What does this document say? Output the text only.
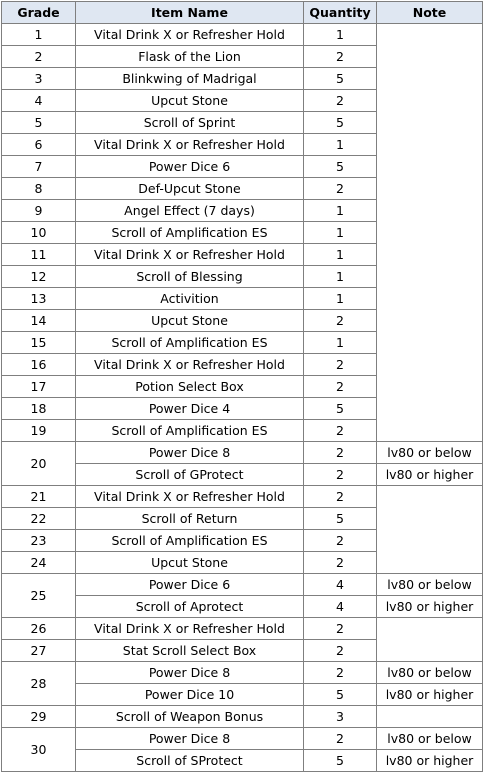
Grade	Item Name	Quantity	Note
1	Vital Drink X or Refresher Hold	1	
2	Flask of the Lion	2	
3	Blinkwing of Madrigal	5	
4	Upcut Stone	2	
5	Scroll of Sprint	5	
6	Vital Drink X or Refresher Hold	1	
7	Power Dice 6	5	
8	Def-Upcut Stone	2	
9	Angel Effect (7 days)	1	
10	Scroll of Amplification ES	1	
11	Vital Drink X or Refresher Hold	1	
12	Scroll of Blessing	1	
13	Activition	1	
14	Upcut Stone	2	
15	Scroll of Amplification ES	1	
16	Vital Drink X or Refresher Hold	2	
17	Potion Select Box	2	
18	Power Dice 4	5	
19	Scroll of Amplification ES	2	
20	Power Dice 8	2	lv80 or below
	Scroll of GProtect	2	lv80 or higher
21	Vital Drink X or Refresher Hold	2	
22	Scroll of Return	5	
23	Scroll of Amplification ES	2	
24	Upcut Stone	2	
25	Power Dice 6	4	lv80 or below
	Scroll of Aprotect	4	lv80 or higher
26	Vital Drink X or Refresher Hold	2	
27	Stat Scroll Select Box	2	
28	Power Dice 8	2	lv80 or below
	Power Dice 10	5	lv80 or higher
29	Scroll of Weapon Bonus	3	
30	Power Dice 8	2	lv80 or below
	Scroll of SProtect	5	lv80 or higher
